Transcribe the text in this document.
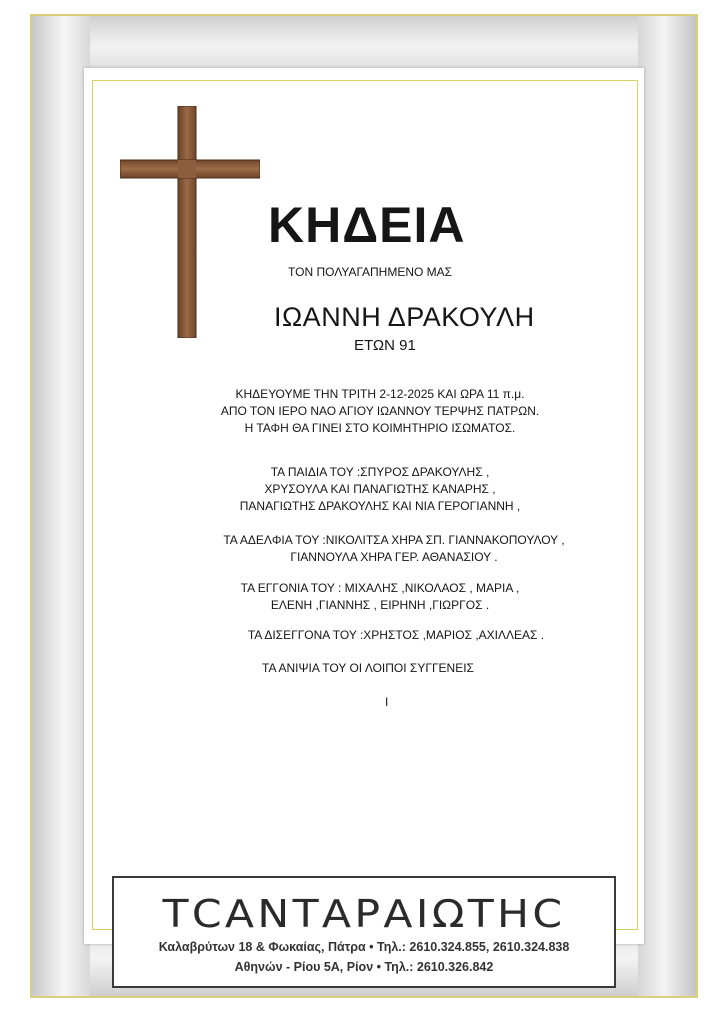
ΚΗΔΕΙΑ
ΤΟΝ ΠΟΛΥΑΓΑΠΗΜΕΝΟ ΜΑΣ
ΙΩΑΝΝΗ ΔΡΑΚΟΥΛΗ
ΕΤΩΝ 91
ΚΗΔΕΥΟΥΜΕ ΤΗΝ ΤΡΙΤΗ 2-12-2025 ΚΑΙ ΩΡΑ 11 π.μ.
ΑΠΟ ΤΟΝ ΙΕΡΟ ΝΑΟ ΑΓΙΟΥ ΙΩΑΝΝΟΥ ΤΕΡΨΗΣ ΠΑΤΡΩΝ.
Η ΤΑΦΗ ΘΑ ΓΙΝΕΙ ΣΤΟ ΚΟΙΜΗΤΗΡΙΟ ΙΣΩΜΑΤΟΣ.
ΤΑ ΠΑΙΔΙΑ ΤΟΥ :ΣΠΥΡΟΣ ΔΡΑΚΟΥΛΗΣ ,
ΧΡΥΣΟΥΛΑ ΚΑΙ ΠΑΝΑΓΙΩΤΗΣ ΚΑΝΑΡΗΣ ,
ΠΑΝΑΓΙΩΤΗΣ ΔΡΑΚΟΥΛΗΣ ΚΑΙ ΝΙΑ ΓΕΡΟΓΙΑΝΝΗ ,
ΤΑ ΑΔΕΛΦΙΑ ΤΟΥ :ΝΙΚΟΛΙΤΣΑ ΧΗΡΑ ΣΠ. ΓΙΑΝΝΑΚΟΠΟΥΛΟΥ ,
ΓΙΑΝΝΟΥΛΑ ΧΗΡΑ ΓΕΡ. ΑΘΑΝΑΣΙΟΥ .
ΤΑ ΕΓΓΟΝΙΑ ΤΟΥ : ΜΙΧΑΛΗΣ ,ΝΙΚΟΛΑΟΣ , ΜΑΡΙΑ ,
ΕΛΕΝΗ ,ΓΙΑΝΝΗΣ , ΕΙΡΗΝΗ ,ΓΙΩΡΓΟΣ .
ΤΑ ΔΙΣΕΓΓΟΝΑ ΤΟΥ :ΧΡΗΣΤΟΣ ,ΜΑΡΙΟΣ ,ΑΧΙΛΛΕΑΣ .
ΤΑ ΑΝΙΨΙΑ ΤΟΥ ΟΙ ΛΟΙΠΟΙ ΣΥΓΓΕΝΕΙΣ
I
ΤСΑΝΤΑΡΑΙΩΤΗС
Καλαβρύτων 18 & Φωκαίας, Πάτρα • Τηλ.: 2610.324.855, 2610.324.838
Αθηνών - Ρίου 5Α, Ρίον • Τηλ.: 2610.326.842
